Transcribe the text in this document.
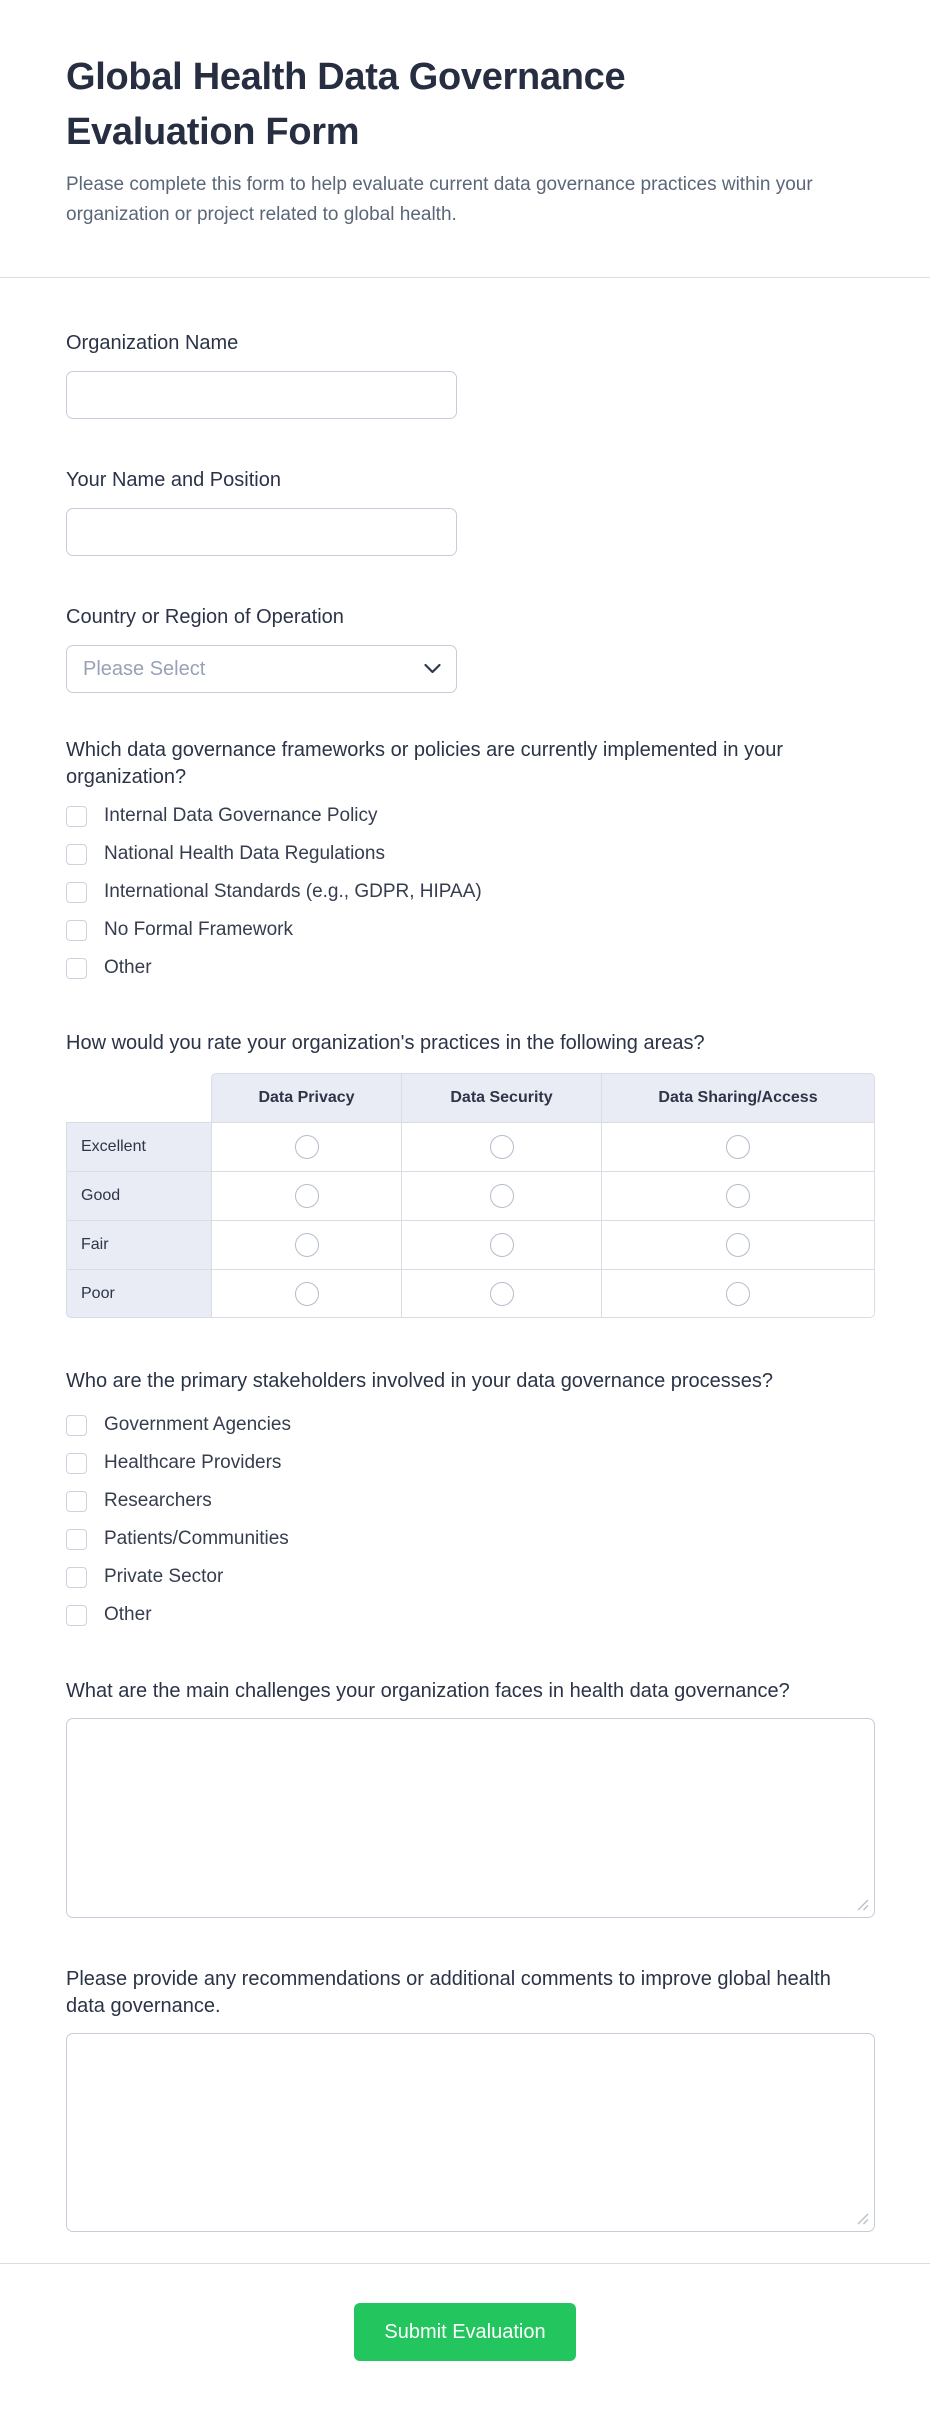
Global Health Data Governance Evaluation Form

Please complete this form to help evaluate current data governance practices within your organization or project related to global health.

Organization Name
Your Name and Position
Country or Region of Operation
Please Select
Which data governance frameworks or policies are currently implemented in your organization?
Internal Data Governance Policy
National Health Data Regulations
International Standards (e.g., GDPR, HIPAA)
No Formal Framework
Other
How would you rate your organization's practices in the following areas?
	Data Privacy	Data Security	Data Sharing/Access
Excellent			
Good			
Fair			
Poor			
Who are the primary stakeholders involved in your data governance processes?
Government Agencies
Healthcare Providers
Researchers
Patients/Communities
Private Sector
Other
What are the main challenges your organization faces in health data governance?
Please provide any recommendations or additional comments to improve global health data governance.
Submit Evaluation
